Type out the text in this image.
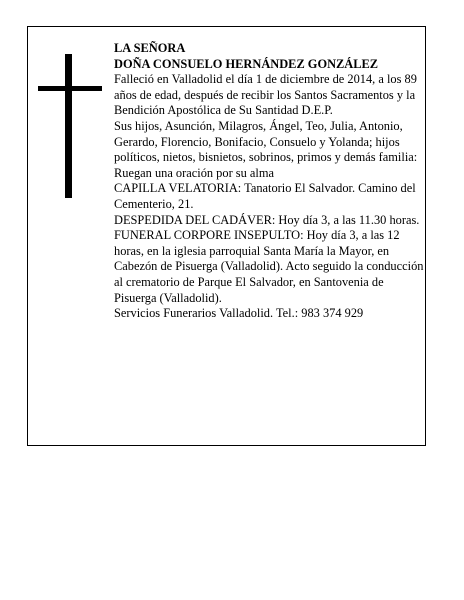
LA SEÑORA

DOÑA CONSUELO HERNÁNDEZ GONZÁLEZ

Falleció en Valladolid el día 1 de diciembre de 2014, a los 89 años de edad, después de recibir los Santos Sacramentos y la Bendición Apostólica de Su Santidad D.E.P.

Sus hijos, Asunción, Milagros, Ángel, Teo, Julia, Antonio, Gerardo, Florencio, Bonifacio, Consuelo y Yolanda; hijos políticos, nietos, bisnietos, sobrinos, primos y demás familia:

Ruegan una oración por su alma

CAPILLA VELATORIA: Tanatorio El Salvador. Camino del Cementerio, 21.

DESPEDIDA DEL CADÁVER: Hoy día 3, a las 11.30 horas.

FUNERAL CORPORE INSEPULTO: Hoy día 3, a las 12 horas, en la iglesia parroquial Santa María la Mayor, en Cabezón de Pisuerga (Valladolid). Acto seguido la conducción al crematorio de Parque El Salvador, en Santovenia de Pisuerga (Valladolid).

Servicios Funerarios Valladolid. Tel.: 983 374 929
